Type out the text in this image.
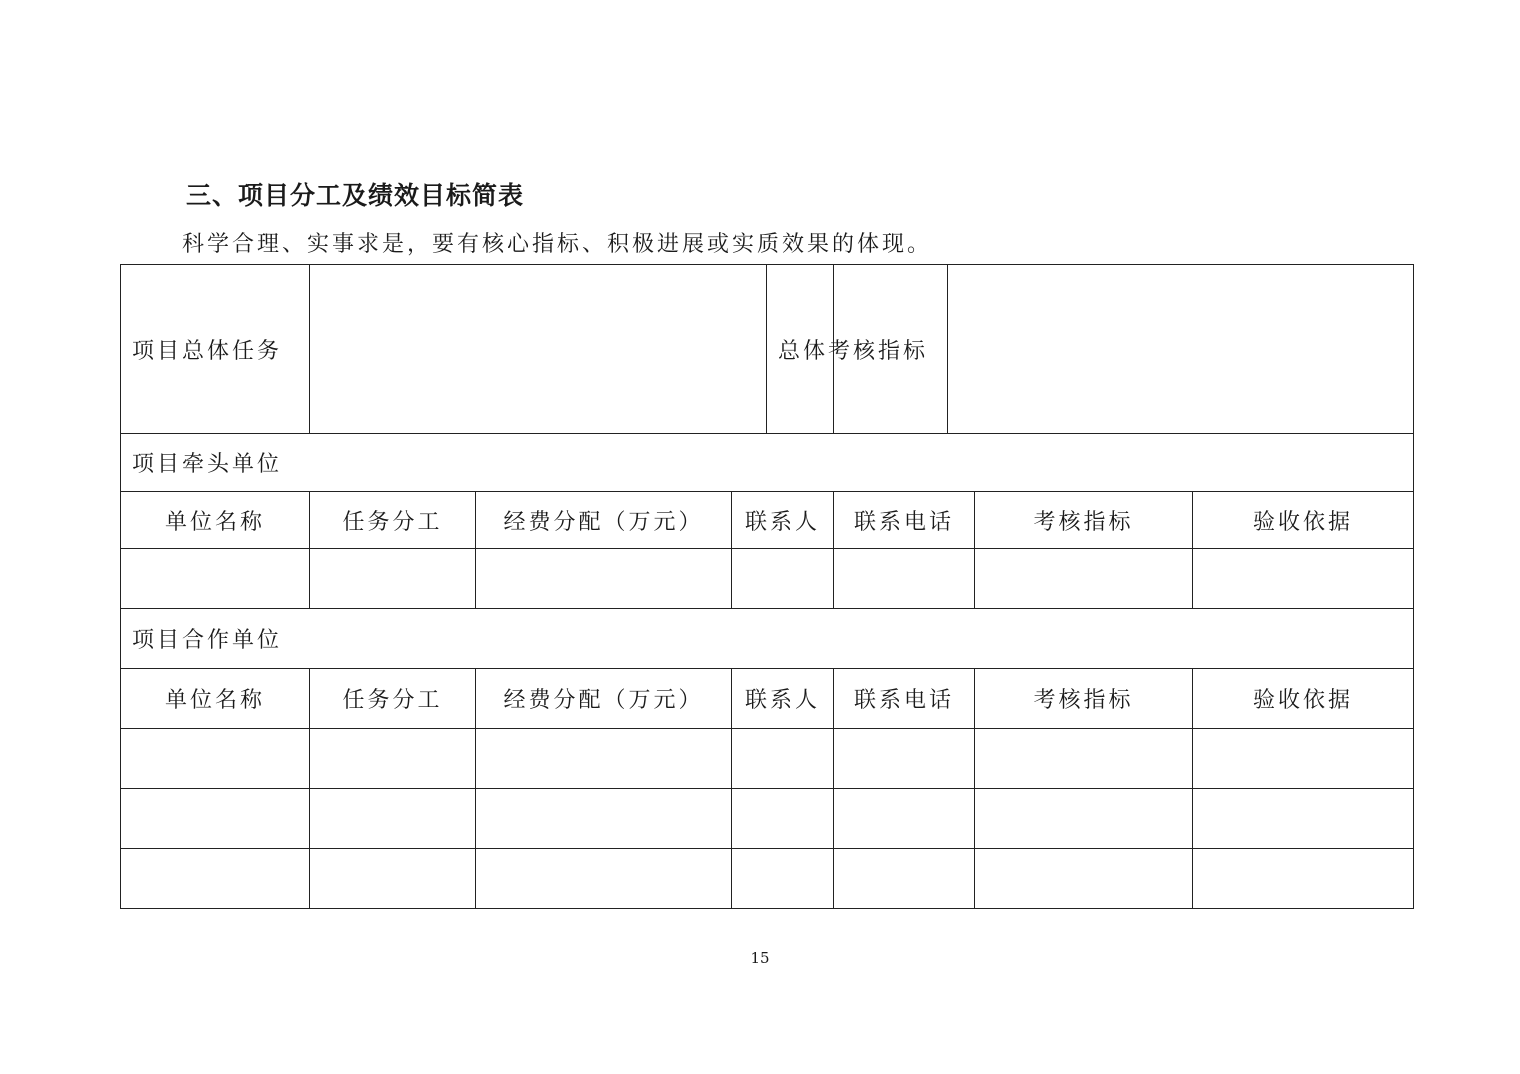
三、项目分工及绩效目标简表
科学合理、实事求是，要有核心指标、积极进展或实质效果的体现。
项目总体任务	总体考核指标					

项目牵头单位						
单位名称	任务分工	经费分配（万元）	联系人	联系电话	考核指标	验收依据

项目合作单位						
单位名称	任务分工	经费分配（万元）	联系人	联系电话	考核指标	验收依据

15
